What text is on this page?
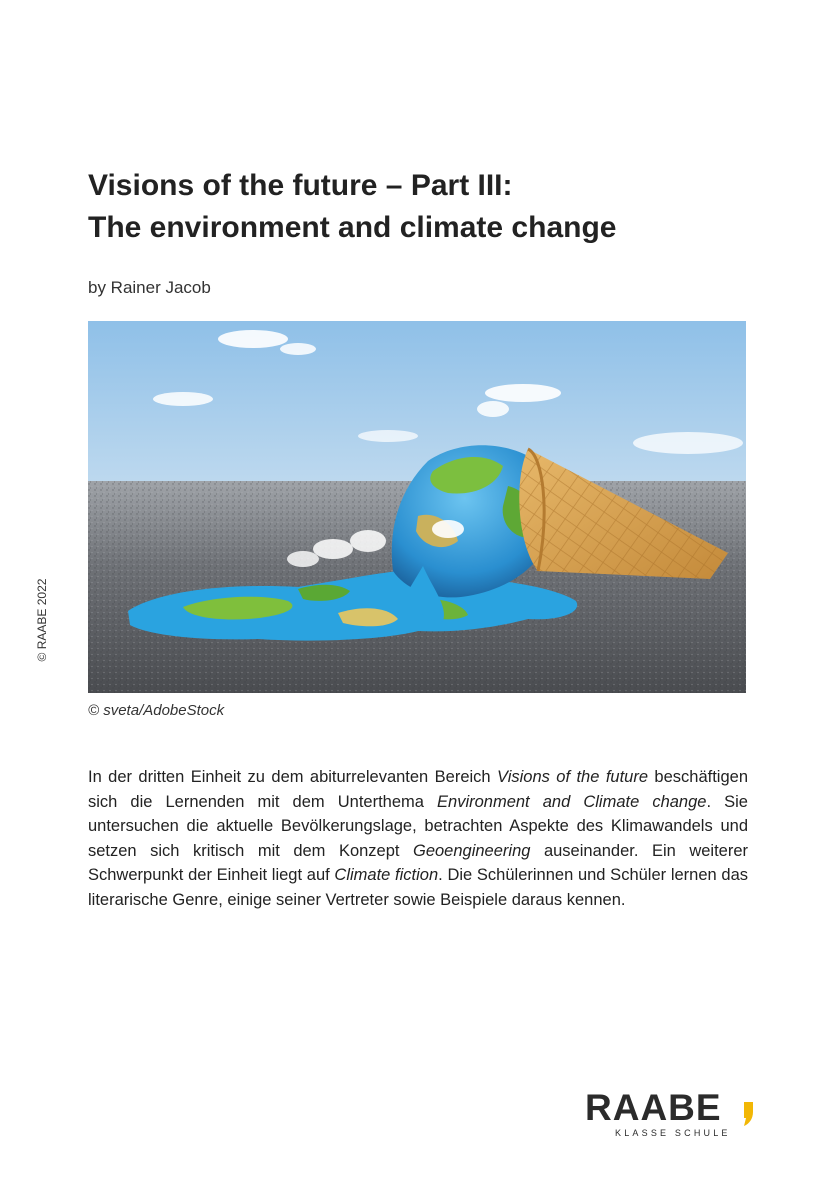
Visions of the future – Part III:
The environment and climate change
by Rainer Jacob
© RAABE 2022
© sveta/AdobeStock

In der dritten Einheit zu dem abiturrelevanten Bereich Visions of the future beschäftigen sich die Lernenden mit dem Unterthema Environment and Climate change. Sie untersuchen die aktuelle Bevölkerungslage, betrachten Aspekte des Klimawandels und setzen sich kritisch mit dem Konzept Geoengineering auseinander. Ein weiterer Schwerpunkt der Einheit liegt auf Climate fiction. Die Schülerinnen und Schüler lernen das literarische Genre, einige seiner Vertreter sowie Beispiele daraus kennen.

RAABE
KLASSE SCHULE
